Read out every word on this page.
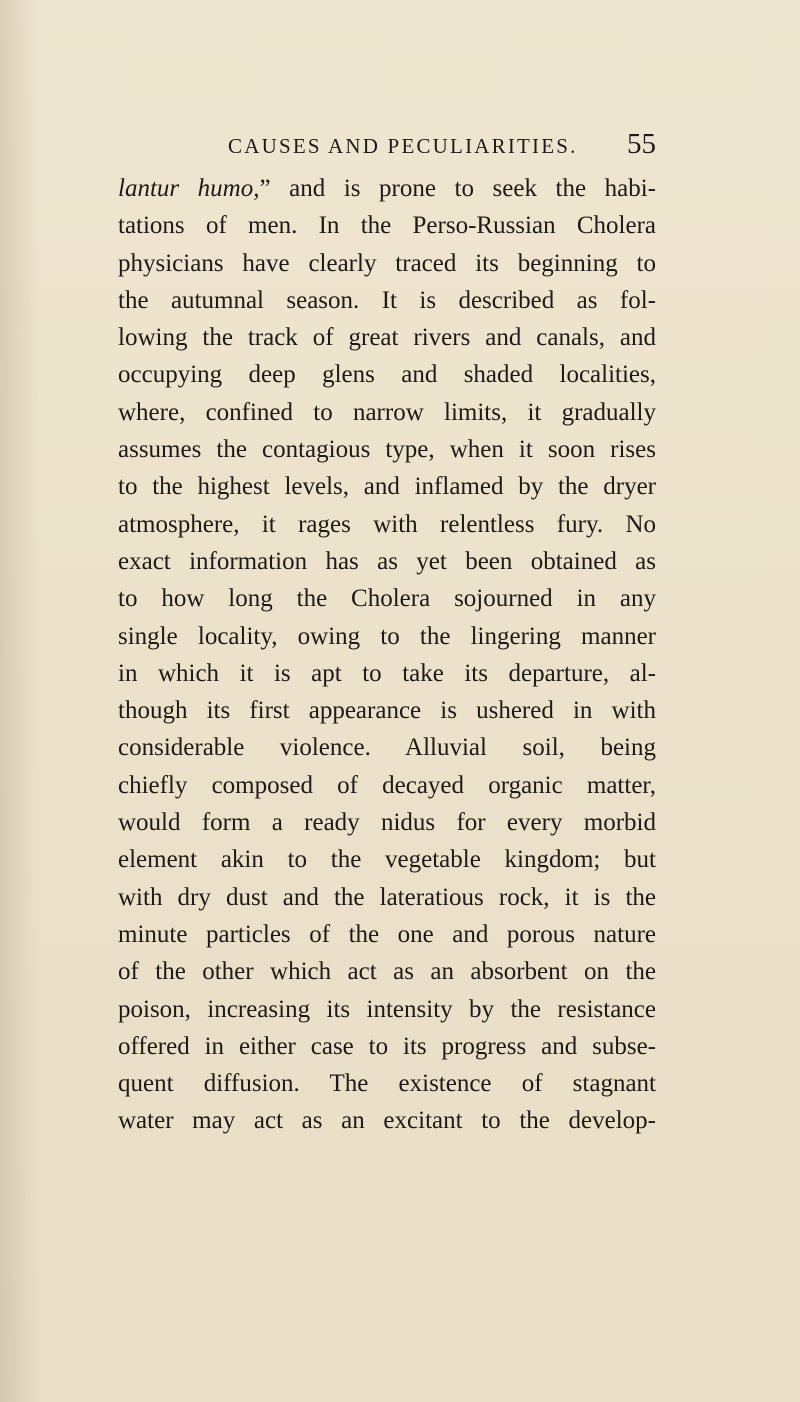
CAUSES AND PECULIARITIES. 55
lantur humo,” and is prone to seek the habi-
tations of men. In the Perso-Russian Cholera
physicians have clearly traced its beginning to
the autumnal season. It is described as fol-
lowing the track of great rivers and canals, and
occupying deep glens and shaded localities,
where, confined to narrow limits, it gradually
assumes the contagious type, when it soon rises
to the highest levels, and inflamed by the dryer
atmosphere, it rages with relentless fury. No
exact information has as yet been obtained as
to how long the Cholera sojourned in any
single locality, owing to the lingering manner
in which it is apt to take its departure, al-
though its first appearance is ushered in with
considerable violence. Alluvial soil, being
chiefly composed of decayed organic matter,
would form a ready nidus for every morbid
element akin to the vegetable kingdom; but
with dry dust and the lateratious rock, it is the
minute particles of the one and porous nature
of the other which act as an absorbent on the
poison, increasing its intensity by the resistance
offered in either case to its progress and subse-
quent diffusion. The existence of stagnant
water may act as an excitant to the develop-
